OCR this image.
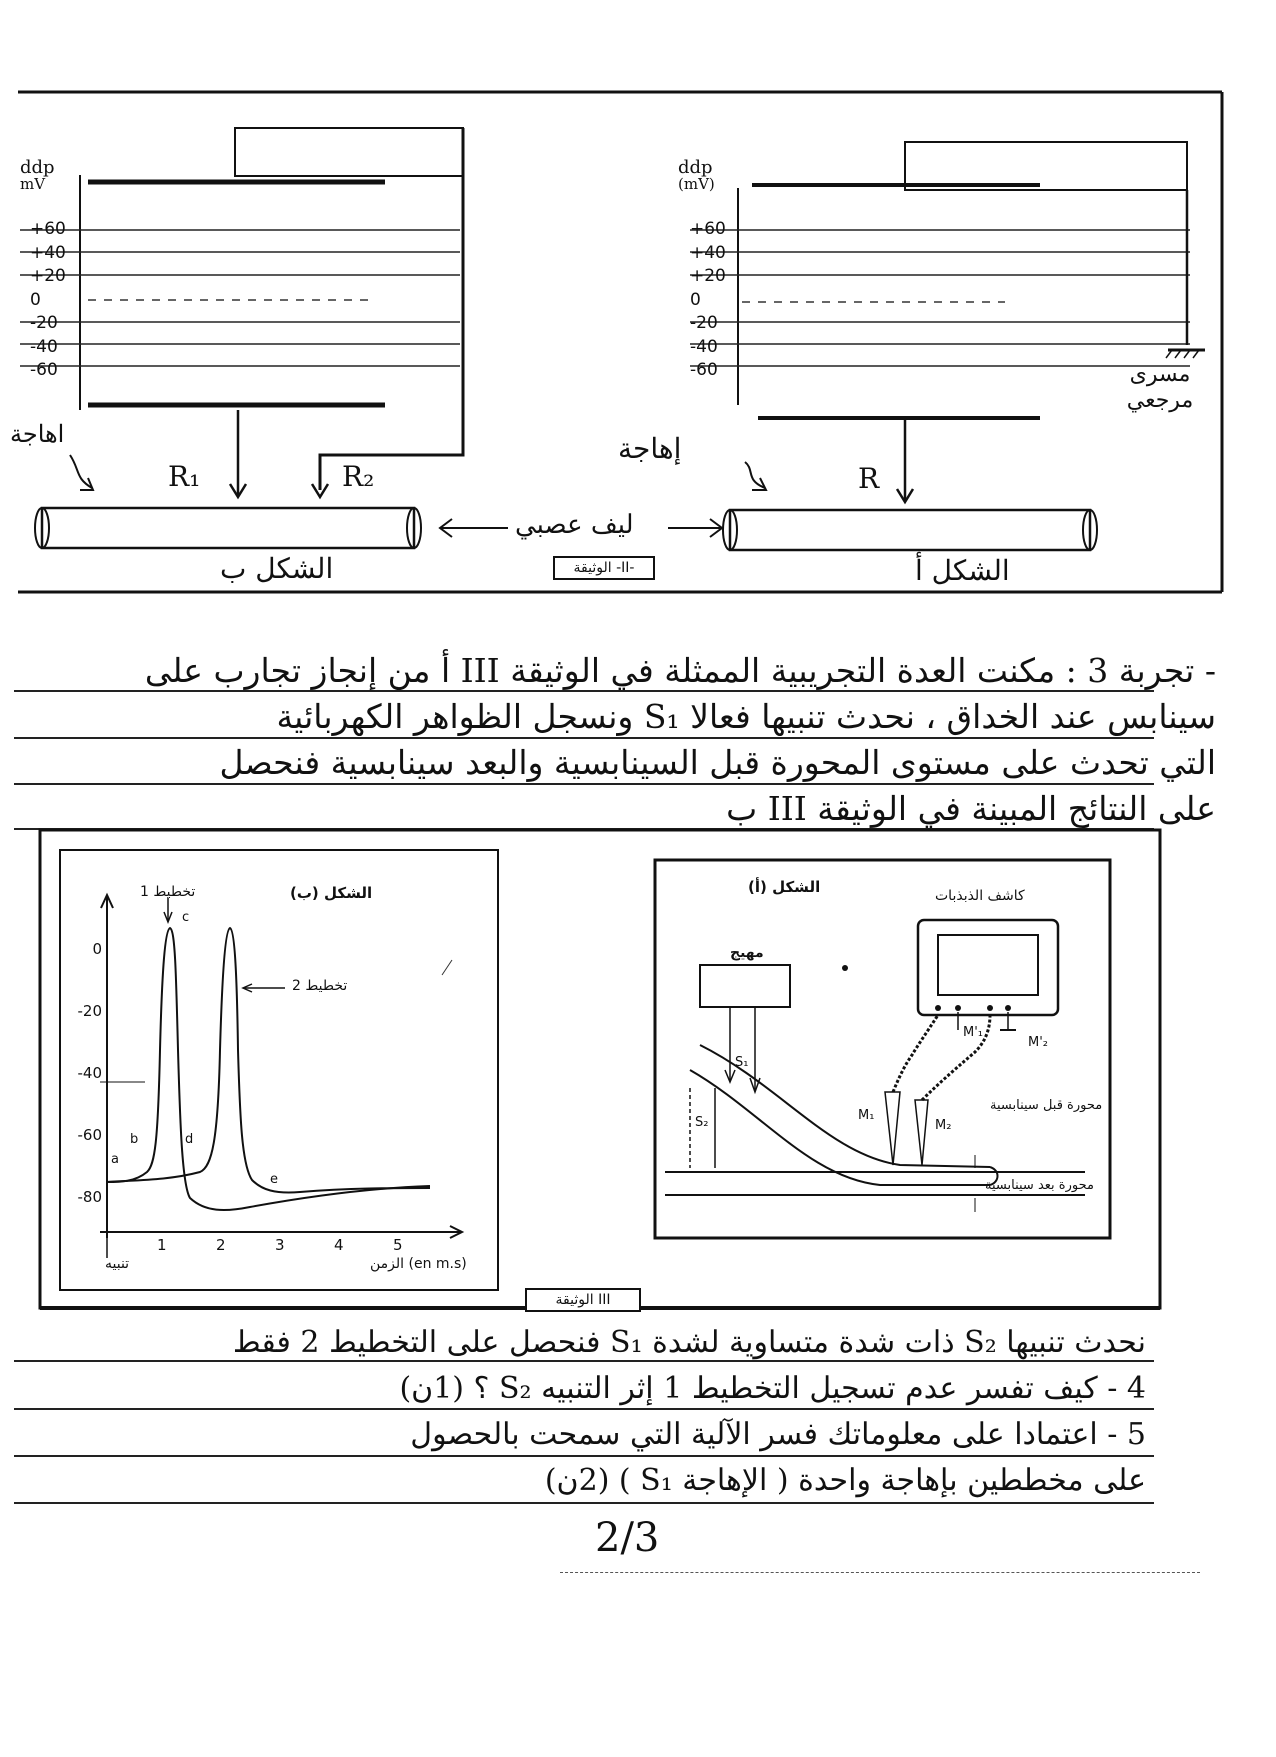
ddp
mV
+60
+40
+20
0
-20
-40
-60
ddp
(mV)
+60
+40
+20
0
-20
-40
-60	مسرى مرجعي
اهاجة	إهاجة
R₁	R₂	R
ليف عصبي
الشكل ب	الشكل أ
الوثيقة -II-
- تجربة 3 : مكنت العدة التجريبية الممثلة في الوثيقة III أ من إنجاز تجارب على
سينابس عند الخداق ، نحدث تنبيها فعالا S₁ ونسجل الظواهر الكهربائية
التي تحدث على مستوى المحورة قبل السينابسية والبعد سينابسية فنحصل
على النتائج المبينة في الوثيقة III ب
0
-20
-40
-60
-80
1	2	3	4	5
الزمن (en m.s)
تنبيه
تخطيط 1
تخطيط 2
الشكل (ب)
a
b
c
d
e
الشكل (أ)	كاشف الذبذبات
مهيج
محورة قبل سينابسية
محورة بعد سينابسية
S₁
S₂	M₁
M₂
M'₁
M'₂
الوثيقة III
نحدث تنبيها S₂ ذات شدة متساوية لشدة S₁ فنحصل على التخطيط 2 فقط
4 - كيف تفسر عدم تسجيل التخطيط 1 إثر التنبيه S₂ ؟ (1ن)
5 - اعتمادا على معلوماتك فسر الآلية التي سمحت بالحصول
على مخططين بإهاجة واحدة ( الإهاجة S₁ ) (2ن)
2/3
